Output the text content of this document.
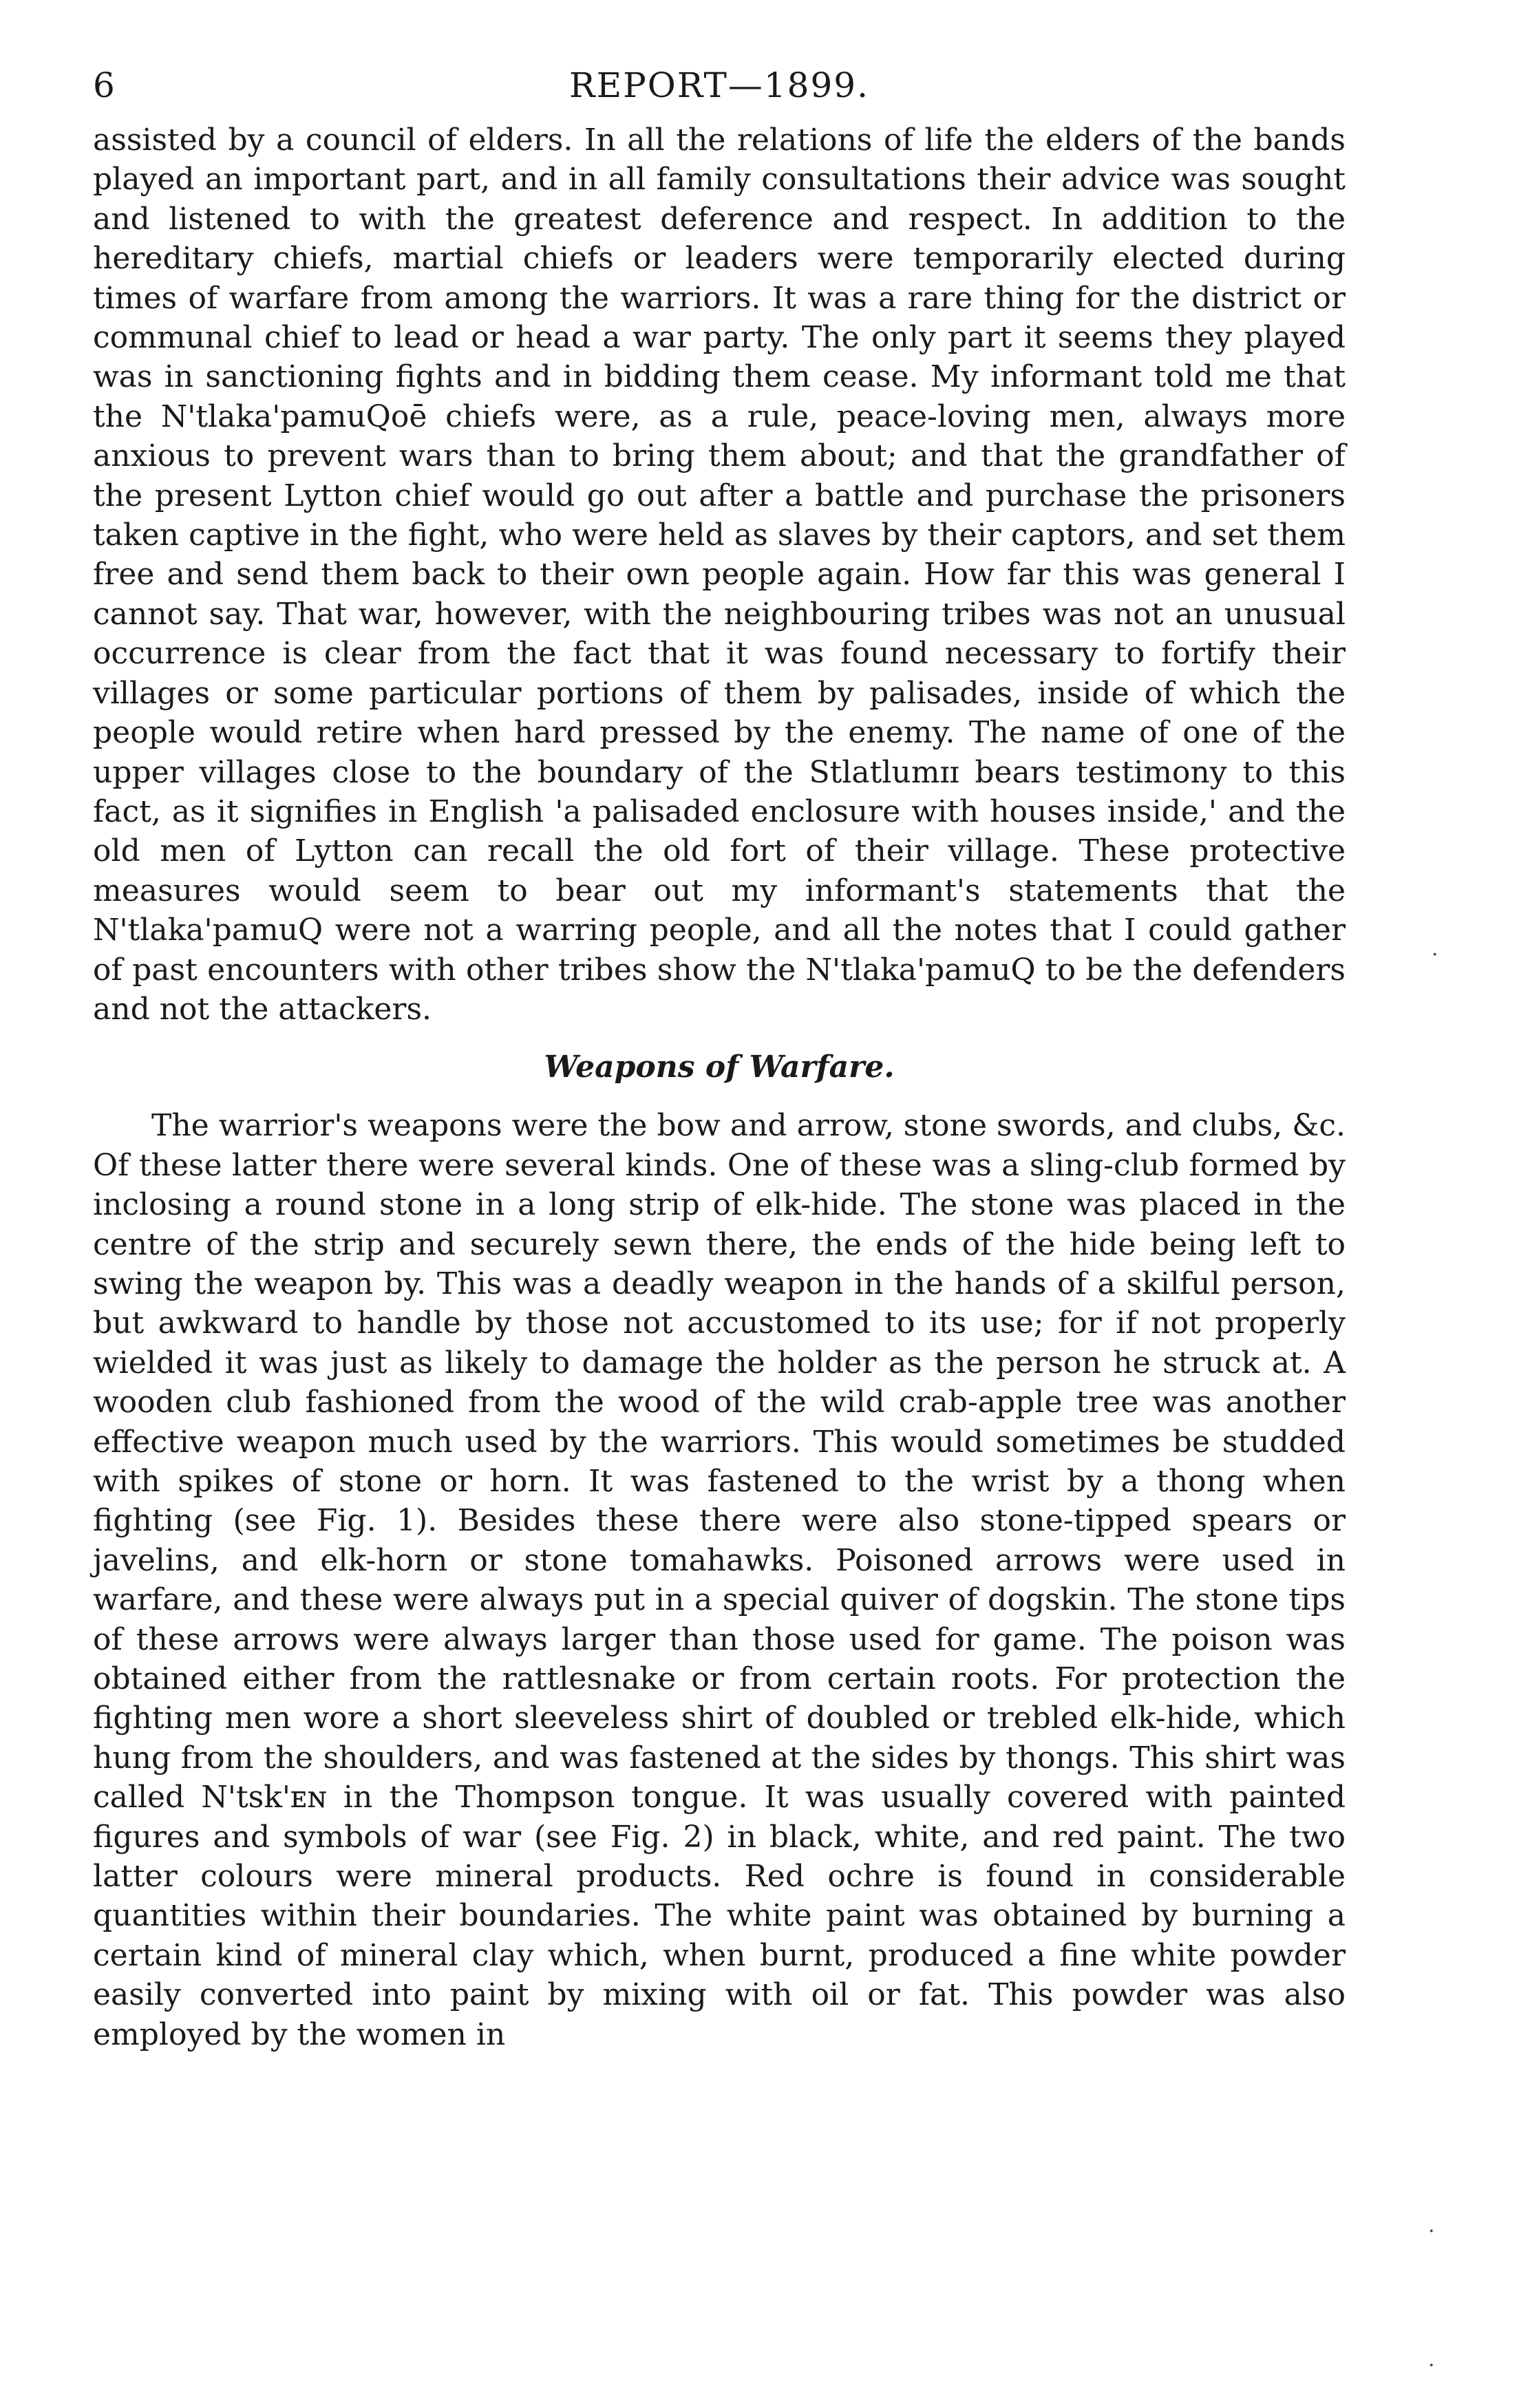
6	REPORT—1899.

assisted by a council of elders. In all the relations of life the elders of the bands played an important part, and in all family consultations their advice was sought and listened to with the greatest deference and respect. In addition to the hereditary chiefs, martial chiefs or leaders were temporarily elected during times of warfare from among the warriors. It was a rare thing for the district or communal chief to lead or head a war party. The only part it seems they played was in sanctioning fights and in bidding them cease. My informant told me that the N'tlaka'pamuQoē chiefs were, as a rule, peace-loving men, always more anxious to prevent wars than to bring them about; and that the grandfather of the present Lytton chief would go out after a battle and purchase the prisoners taken captive in the fight, who were held as slaves by their captors, and set them free and send them back to their own people again. How far this was general I cannot say. That war, however, with the neighbouring tribes was not an unusual occurrence is clear from the fact that it was found necessary to fortify their villages or some particular portions of them by palisades, inside of which the people would retire when hard pressed by the enemy. The name of one of the upper villages close to the boundary of the Stlatlumɪɪ bears testimony to this fact, as it signifies in English 'a palisaded enclosure with houses inside,' and the old men of Lytton can recall the old fort of their village. These protective measures would seem to bear out my informant's statements that the N'tlaka'pamuQ were not a warring people, and all the notes that I could gather of past encounters with other tribes show the N'tlaka'pamuQ to be the defenders and not the attackers.

Weapons of Warfare.

The warrior's weapons were the bow and arrow, stone swords, and clubs, &c. Of these latter there were several kinds. One of these was a sling-club formed by inclosing a round stone in a long strip of elk-hide. The stone was placed in the centre of the strip and securely sewn there, the ends of the hide being left to swing the weapon by. This was a deadly weapon in the hands of a skilful person, but awkward to handle by those not accustomed to its use; for if not properly wielded it was just as likely to damage the holder as the person he struck at. A wooden club fashioned from the wood of the wild crab-apple tree was another effective weapon much used by the warriors. This would sometimes be studded with spikes of stone or horn. It was fastened to the wrist by a thong when fighting (see Fig. 1). Besides these there were also stone-tipped spears or javelins, and elk-horn or stone tomahawks. Poisoned arrows were used in warfare, and these were always put in a special quiver of dogskin. The stone tips of these arrows were always larger than those used for game. The poison was obtained either from the rattlesnake or from certain roots. For protection the fighting men wore a short sleeveless shirt of doubled or trebled elk-hide, which hung from the shoulders, and was fastened at the sides by thongs. This shirt was called N'tsk'ᴇɴ in the Thompson tongue. It was usually covered with painted figures and symbols of war (see Fig. 2) in black, white, and red paint. The two latter colours were mineral products. Red ochre is found in considerable quantities within their boundaries. The white paint was obtained by burning a certain kind of mineral clay which, when burnt, produced a fine white powder easily converted into paint by mixing with oil or fat. This powder was also employed by the women in

·
·
·
